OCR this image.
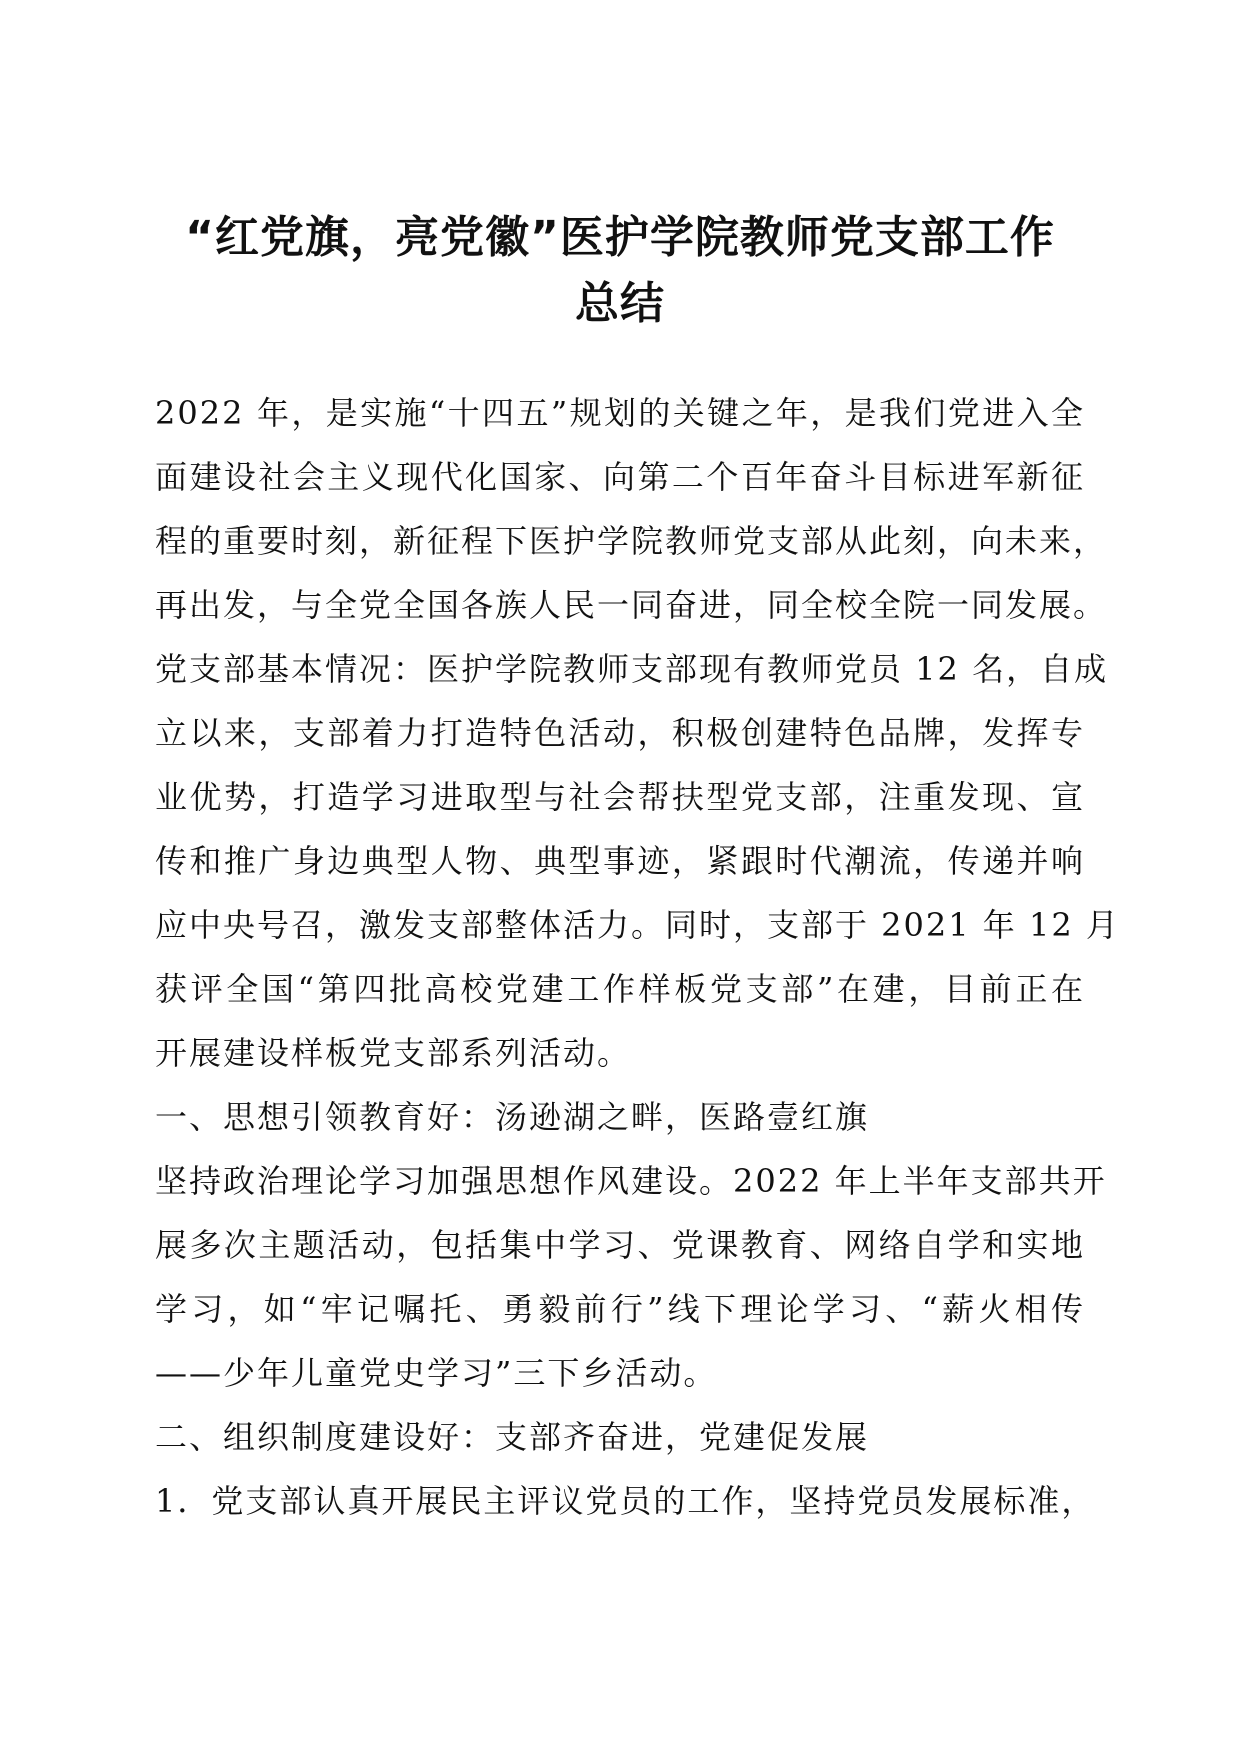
“红党旗，亮党徽”医护学院教师党支部工作
总结
2022 年，是实施“十四五”规划的关键之年，是我们党进入全
面建设社会主义现代化国家、向第二个百年奋斗目标进军新征
程的重要时刻，新征程下医护学院教师党支部从此刻，向未来，
再出发，与全党全国各族人民一同奋进，同全校全院一同发展。
党支部基本情况：医护学院教师支部现有教师党员 12 名，自成
立以来，支部着力打造特色活动，积极创建特色品牌，发挥专
业优势，打造学习进取型与社会帮扶型党支部，注重发现、宣
传和推广身边典型人物、典型事迹，紧跟时代潮流，传递并响
应中央号召，激发支部整体活力。同时，支部于 2021 年 12 月
获评全国“第四批高校党建工作样板党支部”在建，目前正在
开展建设样板党支部系列活动。
一、思想引领教育好：汤逊湖之畔，医路壹红旗
坚持政治理论学习加强思想作风建设。2022 年上半年支部共开
展多次主题活动，包括集中学习、党课教育、网络自学和实地
学习，如“牢记嘱托、勇毅前行”线下理论学习、“薪火相传
——少年儿童党史学习”三下乡活动。
二、组织制度建设好：支部齐奋进，党建促发展
1．党支部认真开展民主评议党员的工作，坚持党员发展标准，
